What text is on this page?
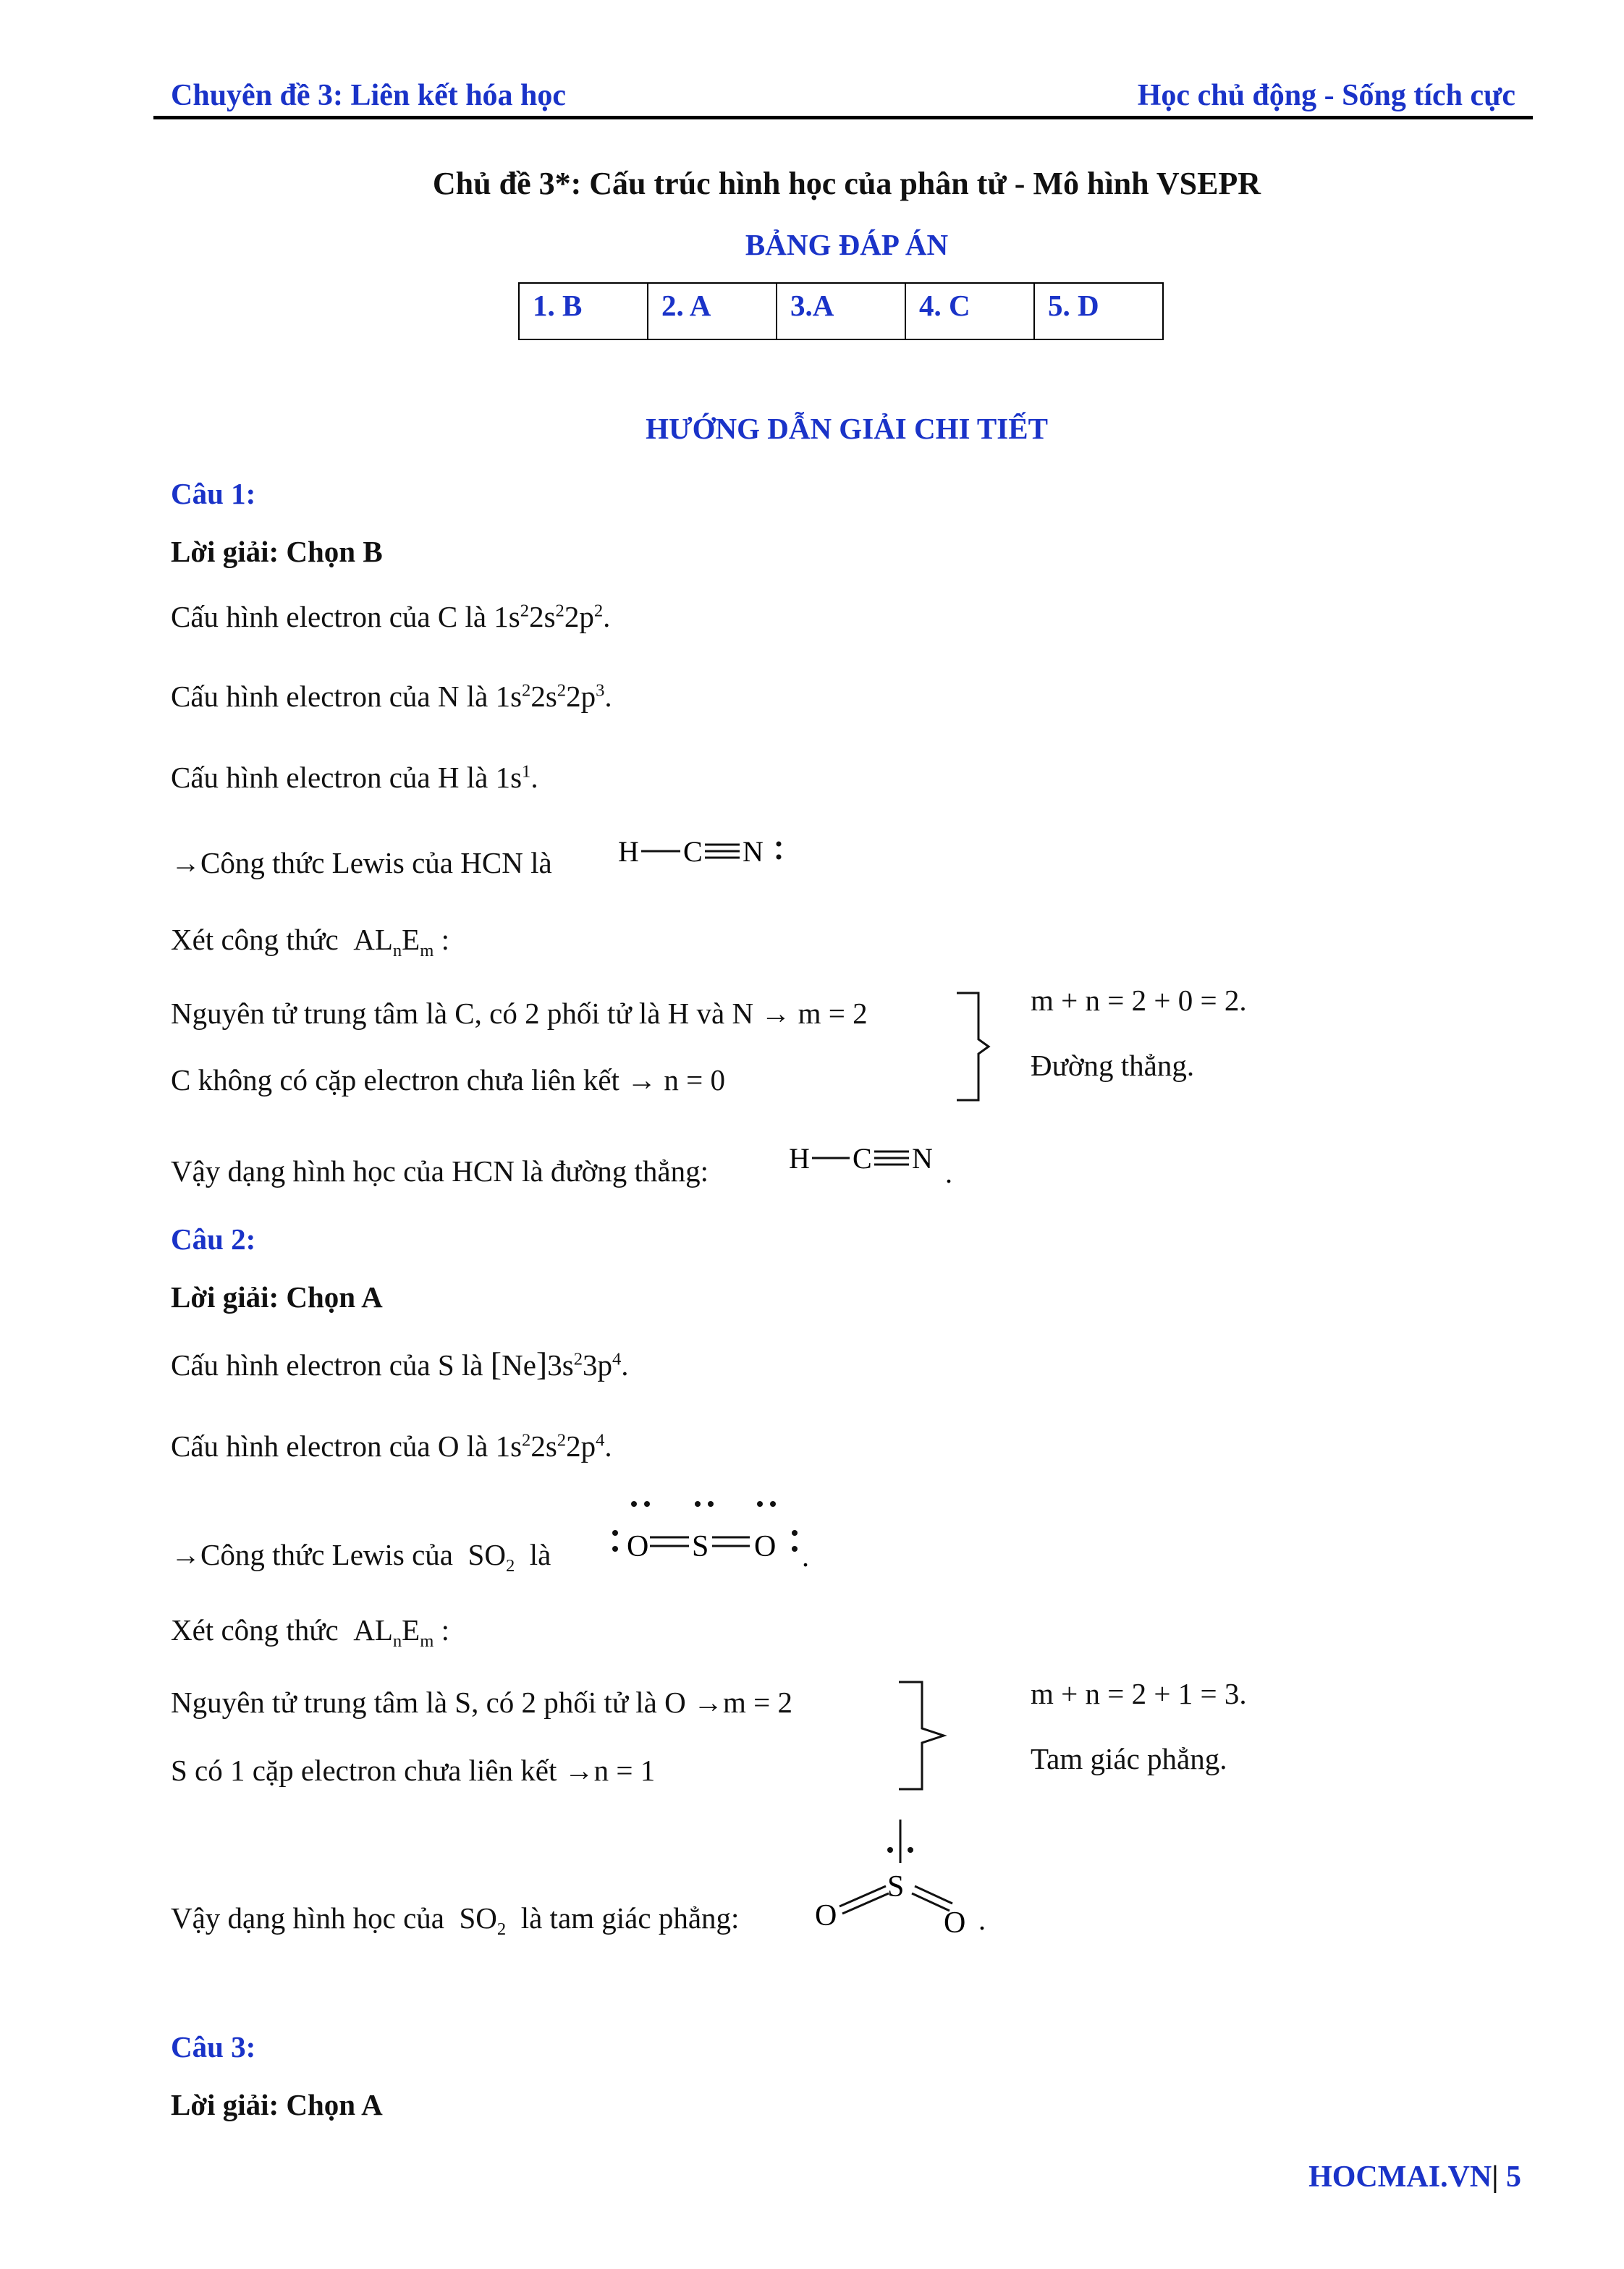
Chuyên đề 3: Liên kết hóa học	Học chủ động - Sống tích cực
Chủ đề 3*: Cấu trúc hình học của phân tử - Mô hình VSEPR
BẢNG ĐÁP ÁN
1. B	2. A	3.A	4. C	5. D
HƯỚNG DẪN GIẢI CHI TIẾT
Câu 1:
Lời giải: Chọn B
Cấu hình electron của C là $1s^22s^22p^2$.
Cấu hình electron của N là $1s^22s^22p^3$.
Cấu hình electron của H là $1s^1$.
→Công thức Lewis của HCN là H C N
Xét công thức  $AL_nE_m$ :
Nguyên tử trung tâm là C, có 2 phối tử là H và N → m = 2
C không có cặp electron chưa liên kết → n = 0
m + n = 2 + 0 = 2.
Đường thẳng.
Vậy dạng hình học của HCN là đường thẳng:	H C N .
Câu 2:
Lời giải: Chọn A
Cấu hình electron của S là $[Ne]3s^23p^4$.
Cấu hình electron của O là $1s^22s^22p^4$.
→Công thức Lewis của  $SO_2$ là O S O .
Xét công thức  $AL_nE_m$ :
Nguyên tử trung tâm là S, có 2 phối tử là O →m = 2
S có 1 cặp electron chưa liên kết →n = 1
m + n = 2 + 1 = 3.
Tam giác phẳng.
Vậy dạng hình học của  $SO_2$ là tam giác phẳng:
S
O	O .
Câu 3:
Lời giải: Chọn A
HOCMAI.VN| 5
